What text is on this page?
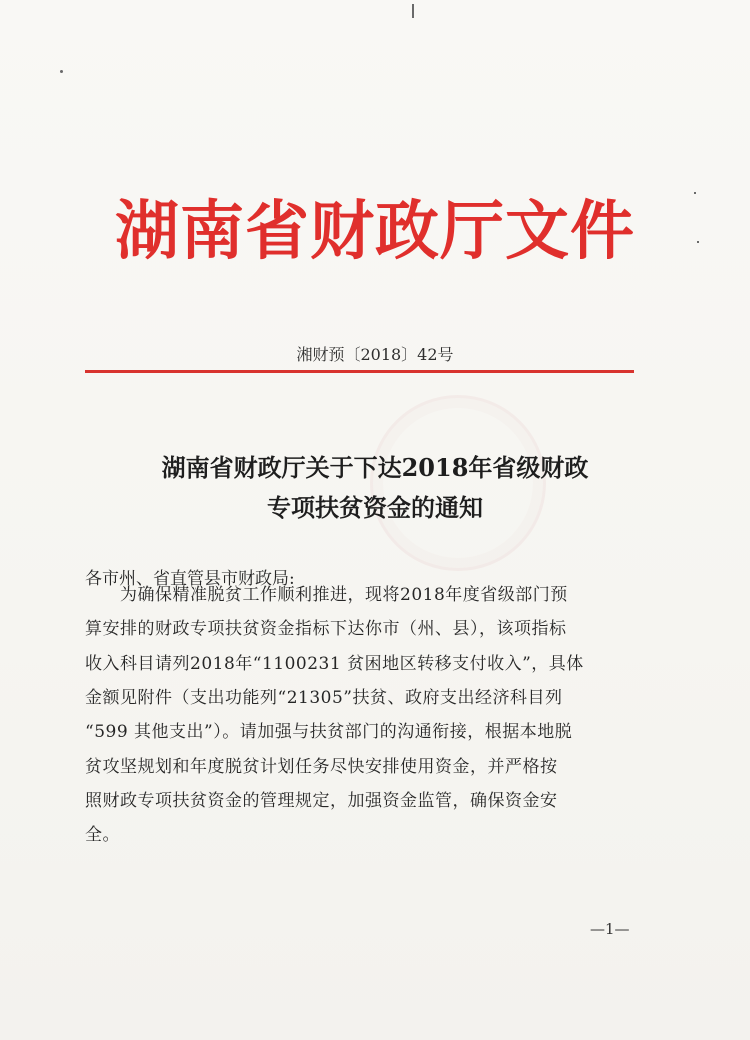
湖南省财政厅文件
湘财预〔2018〕42号
湖南省财政厅关于下达2018年省级财政
专项扶贫资金的通知
各市州、省直管县市财政局:
　　为确保精准脱贫工作顺利推进，现将2018年度省级部门预
算安排的财政专项扶贫资金指标下达你市（州、县），该项指标
收入科目请列2018年“1100231 贫困地区转移支付收入”，具体
金额见附件（支出功能列“21305”扶贫、政府支出经济科目列
“599 其他支出”）。请加强与扶贫部门的沟通衔接，根据本地脱
贫攻坚规划和年度脱贫计划任务尽快安排使用资金，并严格按
照财政专项扶贫资金的管理规定，加强资金监管，确保资金安
全。
—1—
